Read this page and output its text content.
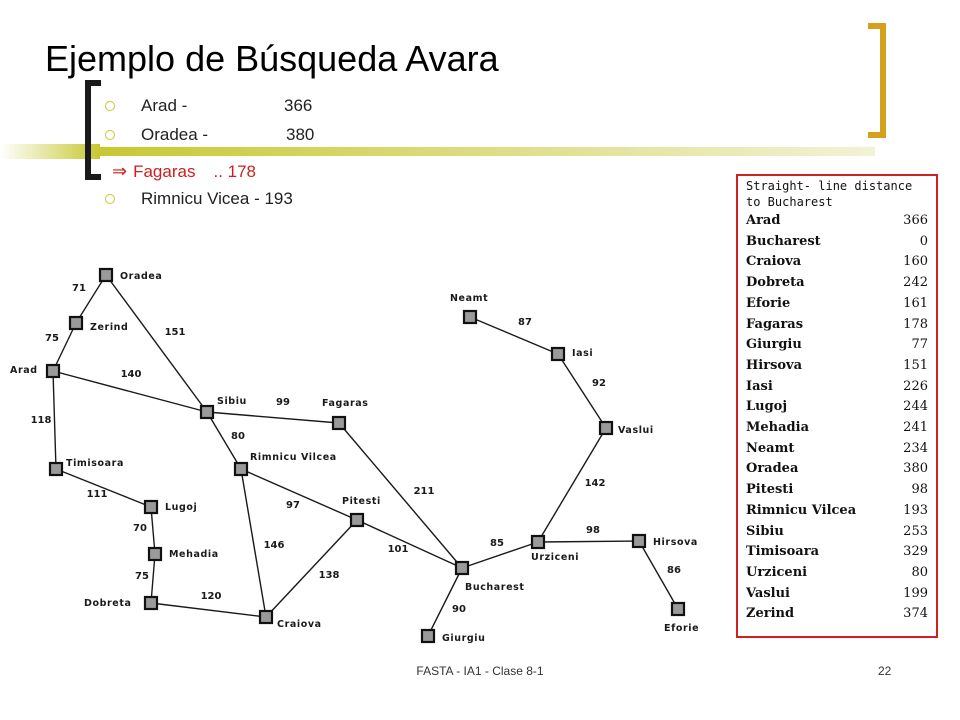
Ejemplo de Búsqueda Avara
Arad -	366
Oradea -	380
⇒ Fagaras .. 178
Rimnicu Vicea - 193
71
75
151
140
118
111
70
75
120
99
80
97
146
138
211
101
90
85
98
86
142
92
87
Oradea
Zerind
Arad
Timisoara
Lugoj
Mehadia
Dobreta
Sibiu	Fagaras
Rimnicu Vilcea
Pitesti
Craiova
Bucharest
Giurgiu
Urziceni
Hirsova
Eforie
Vaslui
Iasi
Neamt
Straight- line distance
to Bucharest
Arad	366
Bucharest	0
Craiova	160
Dobreta	242
Eforie	161
Fagaras	178
Giurgiu	77
Hirsova	151
Iasi	226
Lugoj	244
Mehadia	241
Neamt	234
Oradea	380
Pitesti	98
Rimnicu Vilcea	193
Sibiu	253
Timisoara	329
Urziceni	80
Vaslui	199
Zerind	374
FASTA - IA1 - Clase 8-1	22
